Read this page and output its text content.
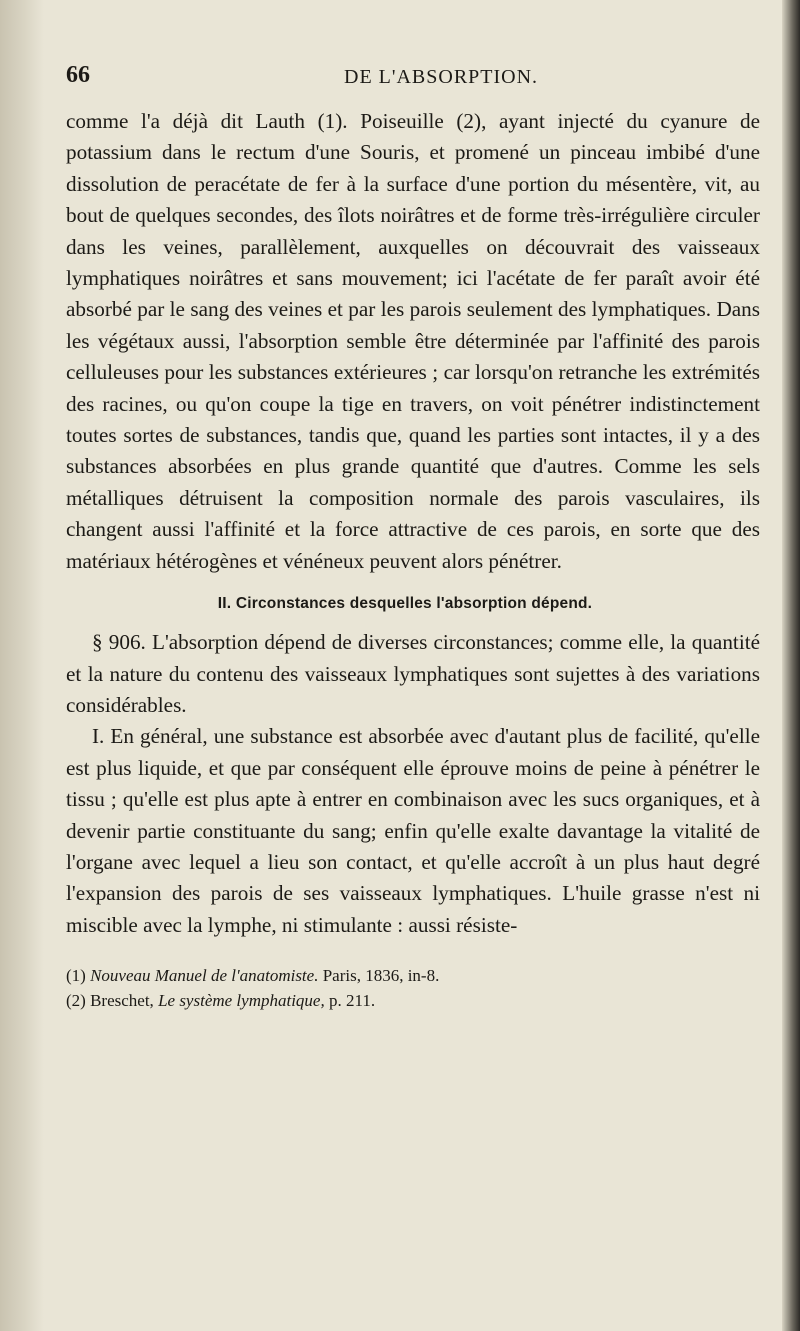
66	DE L'ABSORPTION.

comme l'a déjà dit Lauth (1). Poiseuille (2), ayant injecté du cyanure de potassium dans le rectum d'une Souris, et promené un pinceau imbibé d'une dissolution de peracétate de fer à la surface d'une portion du mésentère, vit, au bout de quelques secondes, des îlots noirâtres et de forme très-irrégulière circuler dans les veines, parallèlement, auxquelles on découvrait des vaisseaux lymphatiques noirâtres et sans mouvement; ici l'acétate de fer paraît avoir été absorbé par le sang des veines et par les parois seulement des lymphatiques. Dans les végétaux aussi, l'absorption semble être déterminée par l'affinité des parois celluleuses pour les substances extérieures ; car lorsqu'on retranche les extrémités des racines, ou qu'on coupe la tige en travers, on voit pénétrer indistinctement toutes sortes de substances, tandis que, quand les parties sont intactes, il y a des substances absorbées en plus grande quantité que d'autres. Comme les sels métalliques détruisent la composition normale des parois vasculaires, ils changent aussi l'affinité et la force attractive de ces parois, en sorte que des matériaux hétérogènes et vénéneux peuvent alors pénétrer.

II. Circonstances desquelles l'absorption dépend.

§ 906. L'absorption dépend de diverses circonstances; comme elle, la quantité et la nature du contenu des vaisseaux lymphatiques sont sujettes à des variations considérables.

I. En général, une substance est absorbée avec d'autant plus de facilité, qu'elle est plus liquide, et que par conséquent elle éprouve moins de peine à pénétrer le tissu ; qu'elle est plus apte à entrer en combinaison avec les sucs organiques, et à devenir partie constituante du sang; enfin qu'elle exalte davantage la vitalité de l'organe avec lequel a lieu son contact, et qu'elle accroît à un plus haut degré l'expansion des parois de ses vaisseaux lymphatiques. L'huile grasse n'est ni miscible avec la lymphe, ni stimulante : aussi résiste-

(1) Nouveau Manuel de l'anatomiste. Paris, 1836, in-8.
(2) Breschet, Le système lymphatique, p. 211.
